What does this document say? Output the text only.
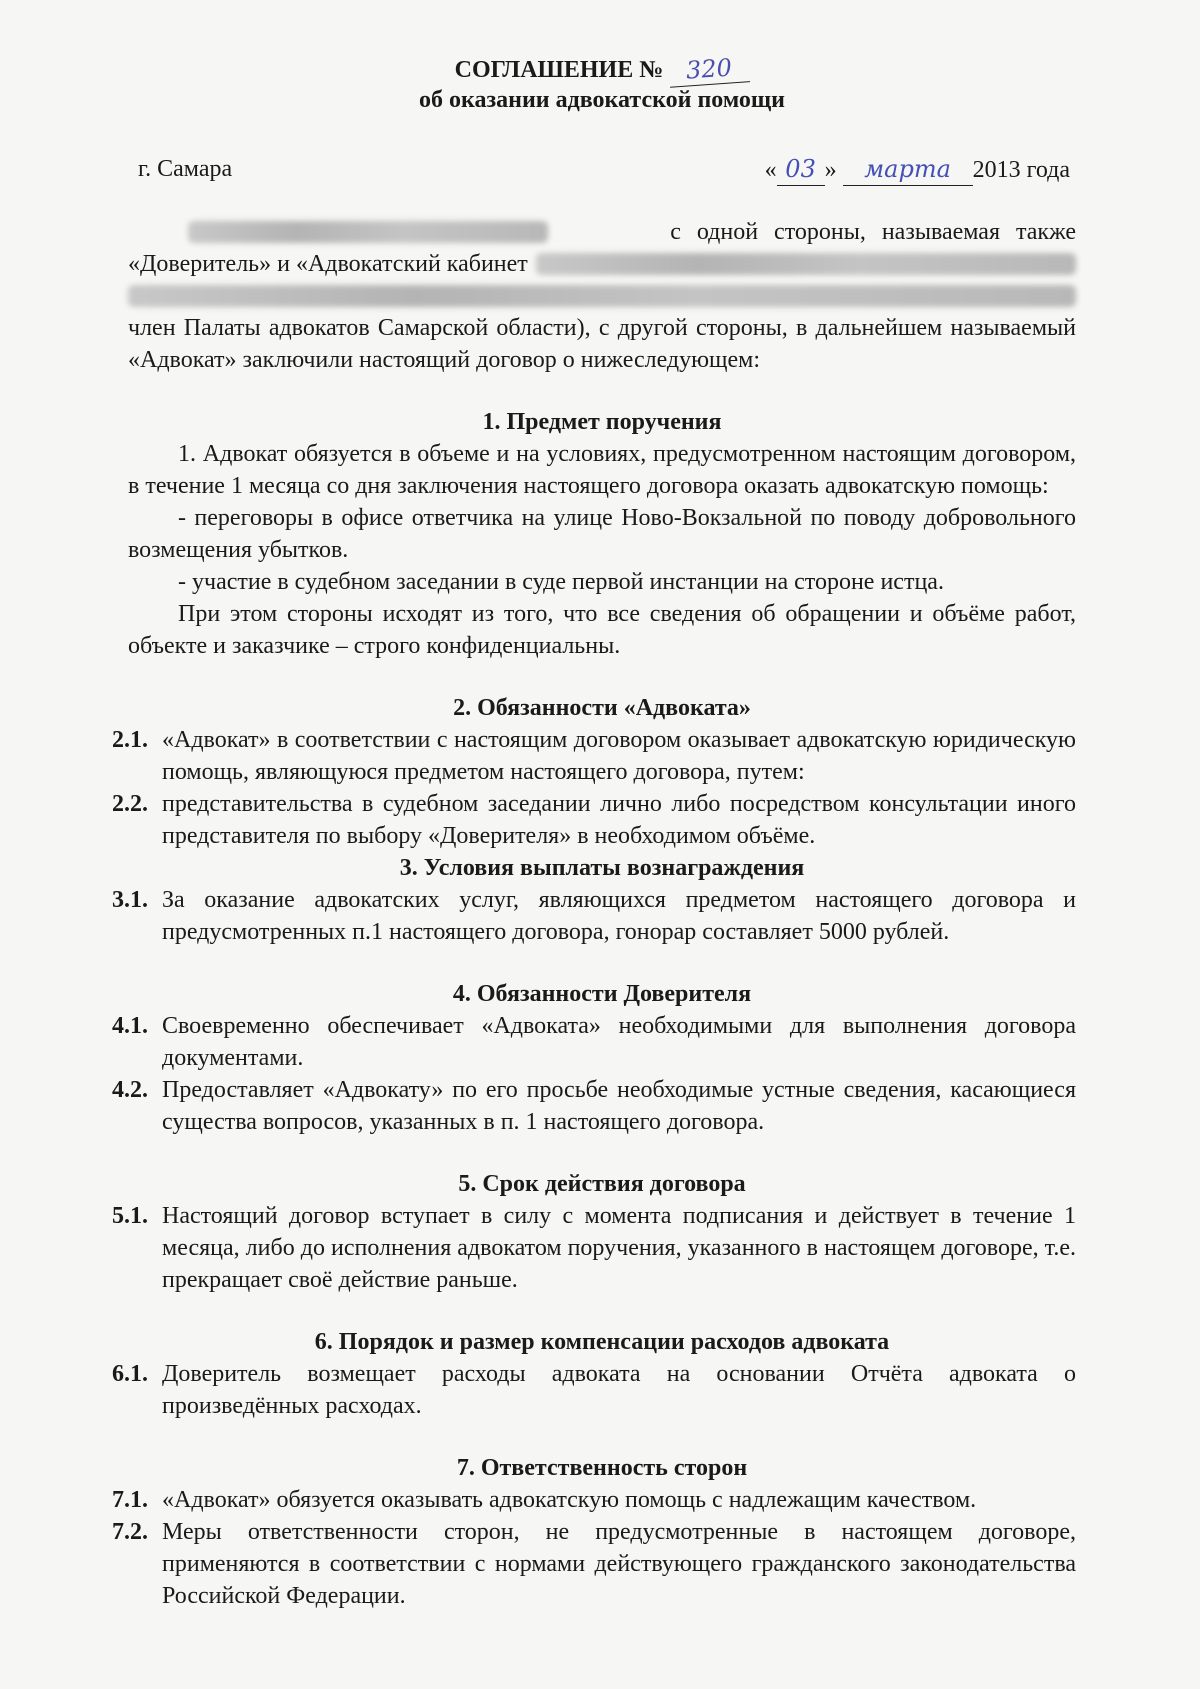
СОГЛАШЕНИЕ № 320
об оказании адвокатской помощи
г. Самара	« 03 » марта 2013 года
с одной стороны, называемая также
«Доверитель» и «Адвокатский кабинет
член Палаты адвокатов Самарской области), с другой стороны, в дальнейшем называемый «Адвокат» заключили настоящий договор о нижеследующем:
1. Предмет поручения
1. Адвокат обязуется в объеме и на условиях, предусмотренном настоящим договором, в течение 1 месяца со дня заключения настоящего договора оказать адвокатскую помощь:
- переговоры в офисе ответчика на улице Ново-Вокзальной по поводу добровольного возмещения убытков.
- участие в судебном заседании в суде первой инстанции на стороне истца.
При этом стороны исходят из того, что все сведения об обращении и объёме работ, объекте и заказчике – строго конфиденциальны.
2. Обязанности «Адвоката»
2.1. «Адвокат» в соответствии с настоящим договором оказывает адвокатскую юридическую помощь, являющуюся предметом настоящего договора, путем:
2.2. представительства в судебном заседании лично либо посредством консультации иного представителя по выбору «Доверителя» в необходимом объёме.
3. Условия выплаты вознаграждения
3.1. За оказание адвокатских услуг, являющихся предметом настоящего договора и предусмотренных п.1 настоящего договора, гонорар составляет 5000 рублей.
4. Обязанности Доверителя
4.1. Своевременно обеспечивает «Адвоката» необходимыми для выполнения договора документами.
4.2. Предоставляет «Адвокату» по его просьбе необходимые устные сведения, касающиеся существа вопросов, указанных в п. 1 настоящего договора.
5. Срок действия договора
5.1. Настоящий договор вступает в силу с момента подписания и действует в течение 1 месяца, либо до исполнения адвокатом поручения, указанного в настоящем договоре, т.е. прекращает своё действие раньше.
6. Порядок и размер компенсации расходов адвоката
6.1. Доверитель возмещает расходы адвоката на основании Отчёта адвоката о произведённых расходах.
7. Ответственность сторон
7.1. «Адвокат» обязуется оказывать адвокатскую помощь с надлежащим качеством.
7.2. Меры ответственности сторон, не предусмотренные в настоящем договоре, применяются в соответствии с нормами действующего гражданского законодательства Российской Федерации.
